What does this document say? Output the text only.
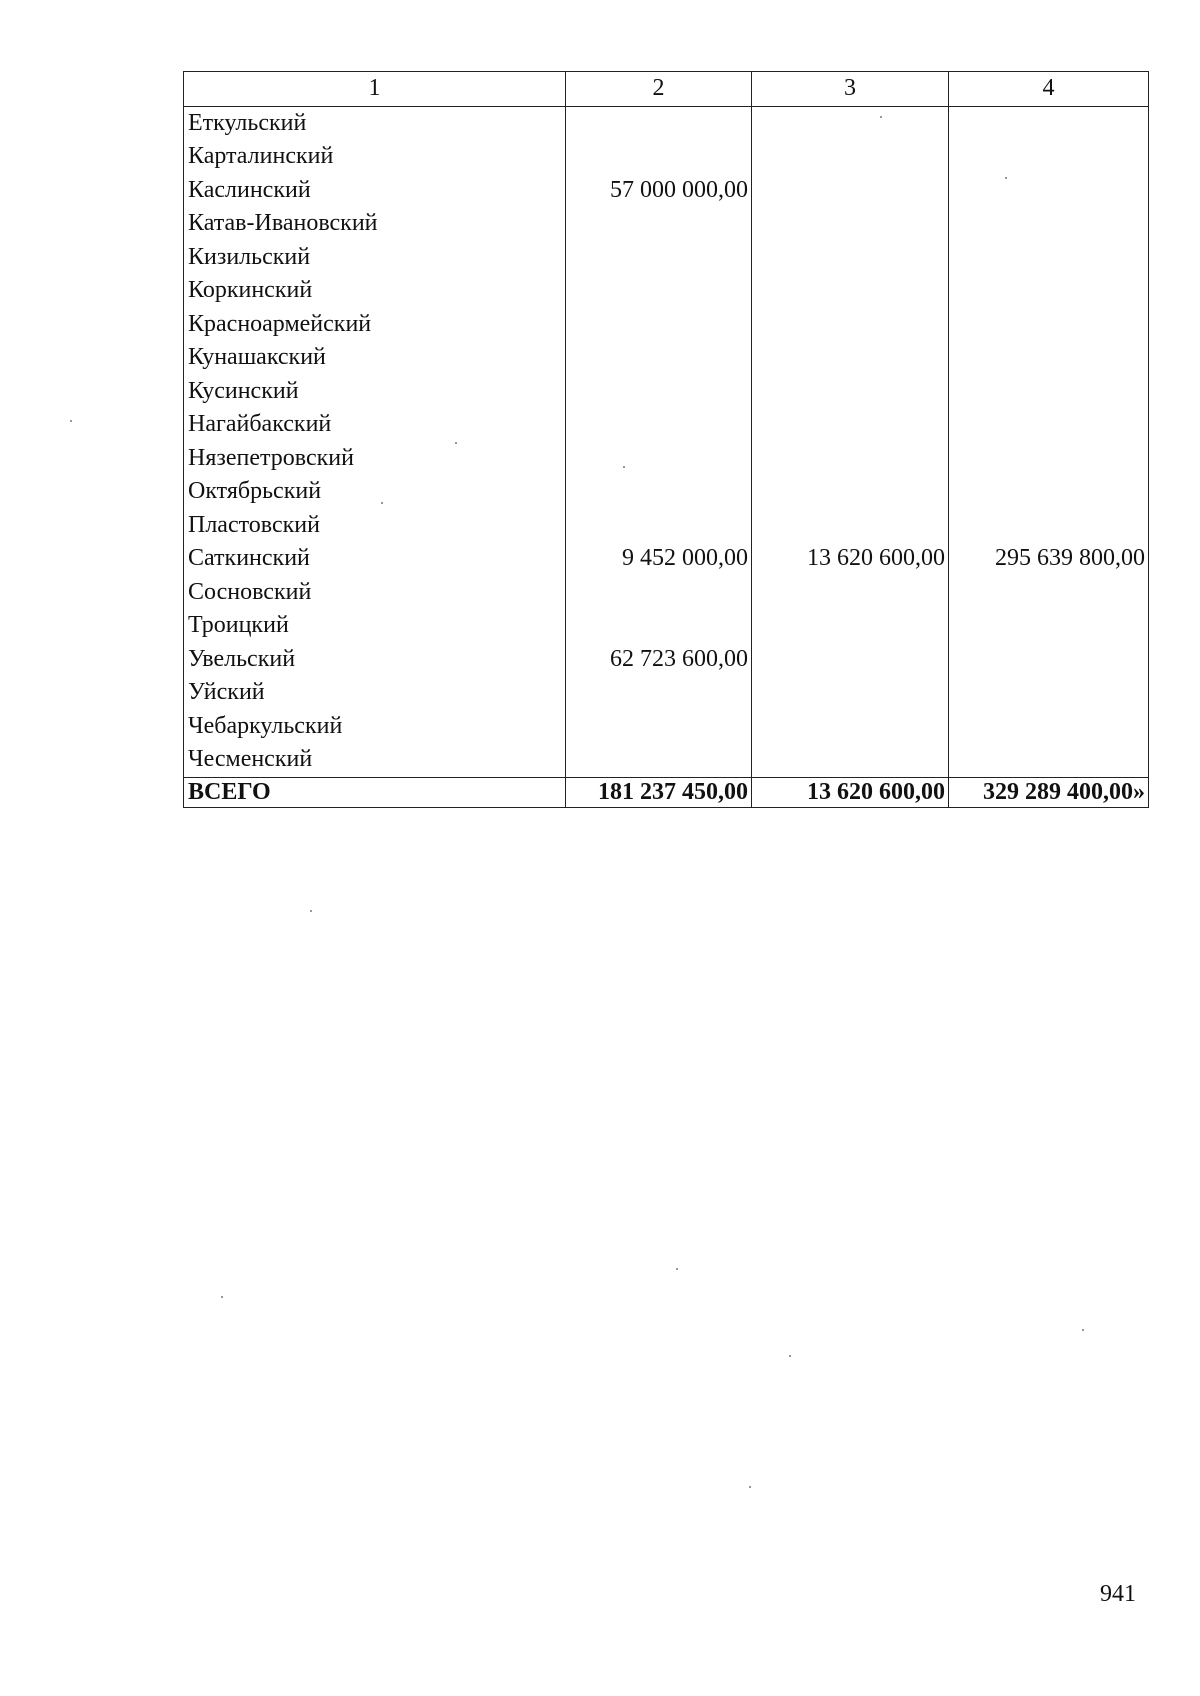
1	2	3	4
Еткульский			
Карталинский			
Каслинский	57 000 000,00		
Катав-Ивановский			
Кизильский			
Коркинский			
Красноармейский			
Кунашакский			
Кусинский			
Нагайбакский			
Нязепетровский			
Октябрьский			
Пластовский			
Саткинский	9 452 000,00	13 620 600,00	295 639 800,00
Сосновский			
Троицкий			
Увельский	62 723 600,00		
Уйский			
Чебаркульский			
Чесменский			
ВСЕГО	181 237 450,00	13 620 600,00	329 289 400,00»
941
